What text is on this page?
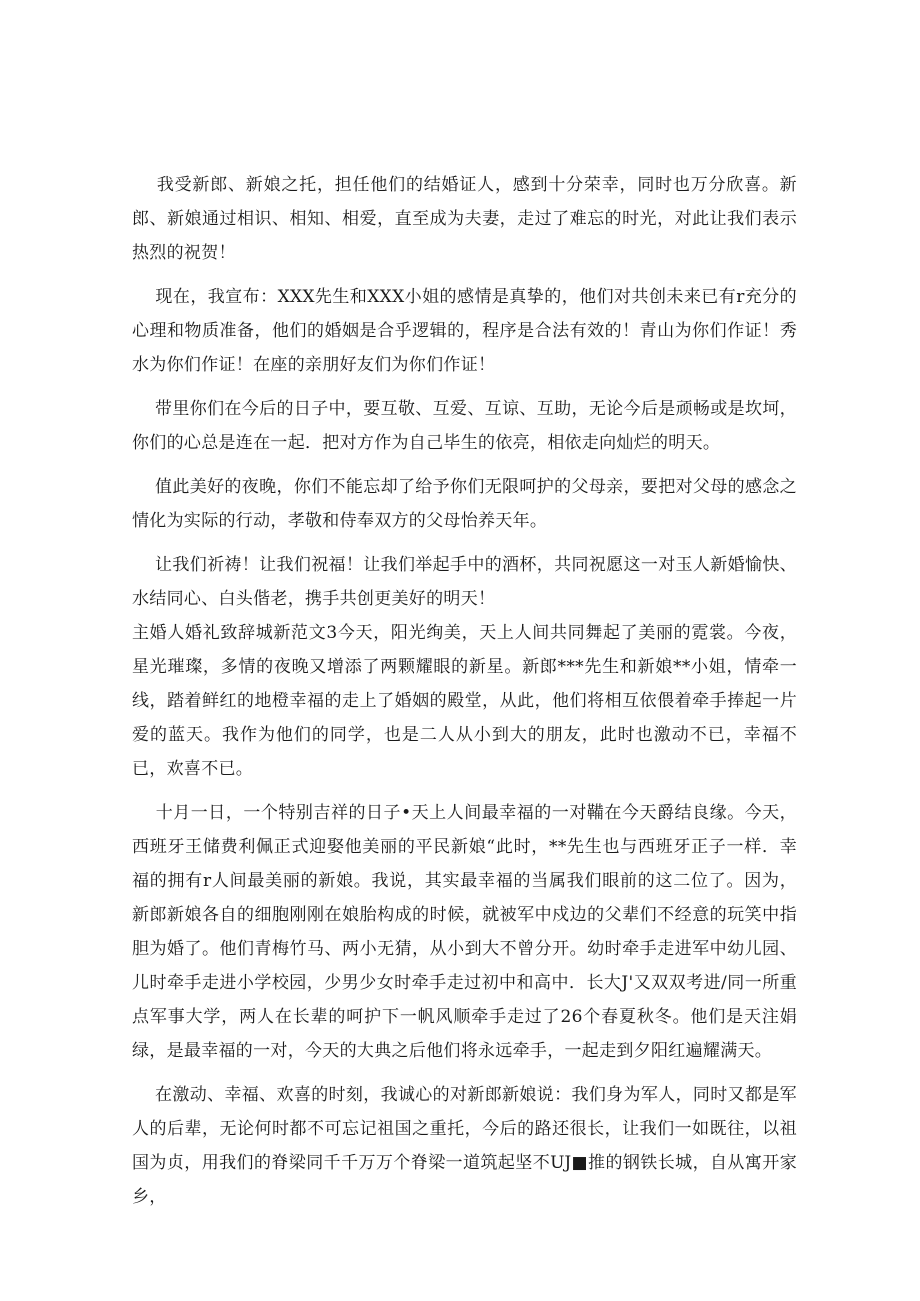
我受新郎、新娘之托，担任他们的结婚证人，感到十分荣幸，同时也万分欣喜。新郎、新娘通过相识、相知、相爱，直至成为夫妻，走过了难忘的时光，对此让我们表示热烈的祝贺！

现在，我宣布：XXX先生和XXX小姐的感情是真挚的，他们对共创未来已有r充分的心理和物质准备，他们的婚姻是合乎逻辑的，程序是合法有效的！青山为你们作证！秀水为你们作证！在座的亲朋好友们为你们作证！

带里你们在今后的日子中，要互敬、互爱、互谅、互助，无论今后是顽畅或是坎坷，你们的心总是连在一起．把对方作为自己毕生的依亮，相依走向灿烂的明天。

值此美好的夜晚，你们不能忘却了给予你们无限呵护的父母亲，要把对父母的感念之情化为实际的行动，孝敬和侍奉双方的父母怡养天年。

让我们祈祷！让我们祝福！让我们举起手中的酒杯，共同祝愿这一对玉人新婚愉快、水结同心、白头偕老，携手共创更美好的明天！

主婚人婚礼致辞城新范文3今天，阳光绚美，天上人间共同舞起了美丽的霓裳。今夜，星光璀璨，多情的夜晚又增添了两颗耀眼的新星。新郎***先生和新娘**小姐，情牵一线，踏着鲜红的地橙幸福的走上了婚姻的殿堂，从此，他们将相互依偎着牵手捧起一片爱的蓝天。我作为他们的同学，也是二人从小到大的朋友，此时也激动不已，幸福不已，欢喜不已。

十月一日，一个特别吉祥的日子•天上人间最幸福的一对鞴在今天爵结良缘。今天，西班牙王储费利佩正式迎娶他美丽的平民新娘“此时，**先生也与西班牙正子一样．幸福的拥有r人间最美丽的新娘。我说，其实最幸福的当属我们眼前的这二位了。因为，新郎新娘各自的细胞刚刚在娘胎构成的时候，就被军中戍边的父辈们不经意的玩笑中指胆为婚了。他们青梅竹马、两小无猜，从小到大不曾分开。幼时牵手走进军中幼儿园、儿时牵手走进小学校园，少男少女时牵手走过初中和高中．长大J'又双双考进/同一所重点军事大学，两人在长辈的呵护下一帆风顺牵手走过了26个春夏秋冬。他们是天注娟绿，是最幸福的一对，今天的大典之后他们将永远牵手，一起走到夕阳红遍耀满天。

在激动、幸福、欢喜的时刻，我诚心的对新郎新娘说：我们身为军人，同时又都是军人的后辈，无论何时都不可忘记祖国之重托，今后的路还很长，让我们一如既往，以祖国为贞，用我们的脊梁同千千万万个脊梁一道筑起坚不UJ■推的钢铁长城，自从寓开家乡，
